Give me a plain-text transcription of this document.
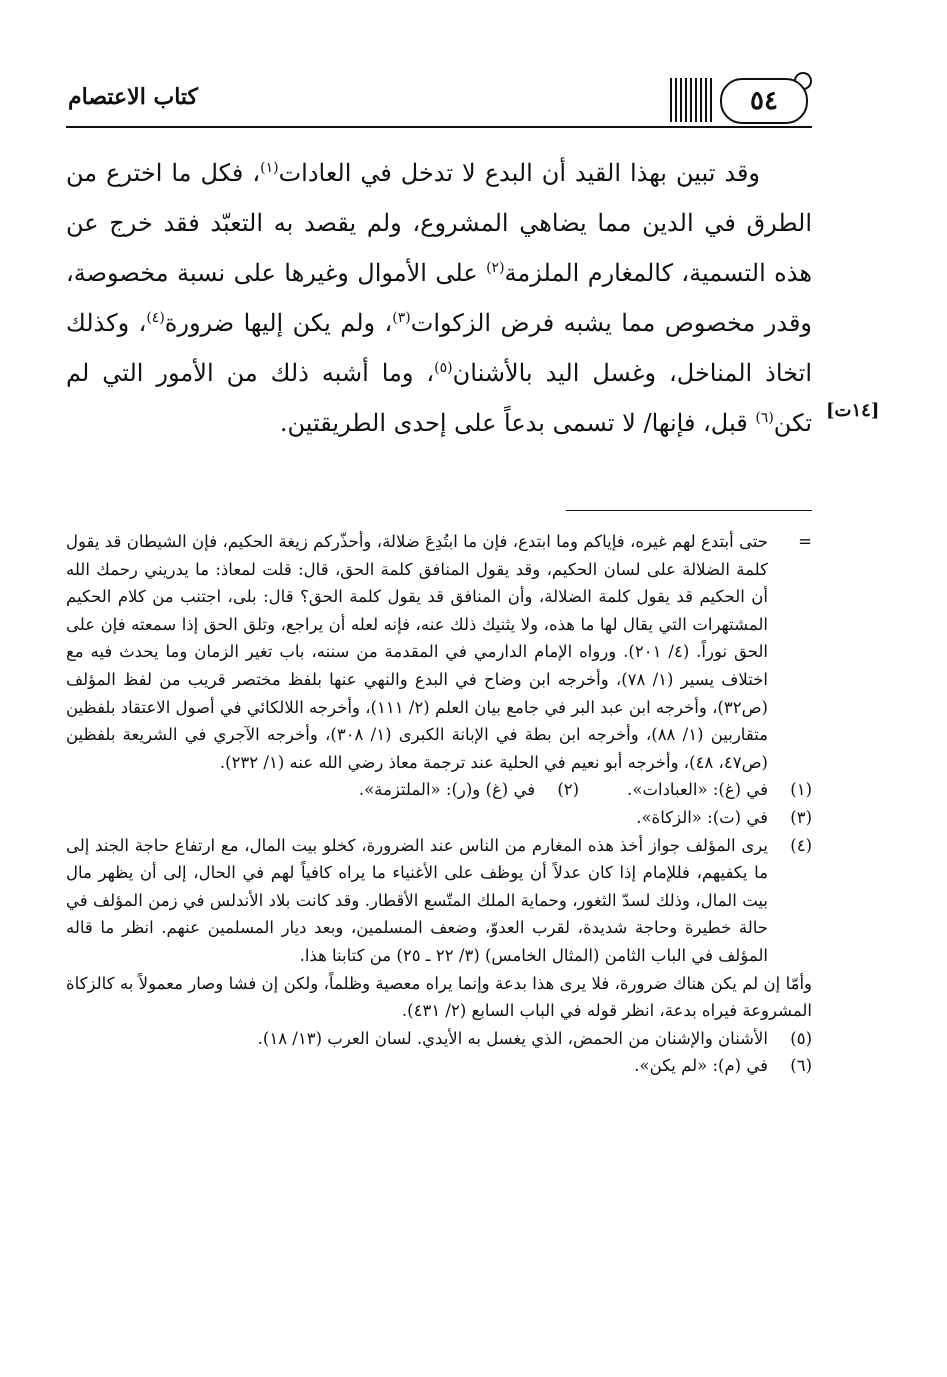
كتاب الاعتصام	٥٤
[١٤ت]

وقد تبين بهذا القيد أن البدع لا تدخل في العادات$^{(١)}$، فكل ما اخترع من الطرق في الدين مما يضاهي المشروع، ولم يقصد به التعبّد فقد خرج عن هذه التسمية، كالمغارم الملزمة$^{(٢)}$ على الأموال وغيرها على نسبة مخصوصة، وقدر مخصوص مما يشبه فرض الزكوات$^{(٣)}$، ولم يكن إليها ضرورة$^{(٤)}$، وكذلك اتخاذ المناخل، وغسل اليد بالأشنان$^{(٥)}$، وما أشبه ذلك من الأمور التي لم تكن$^{(٦)}$ قبل، فإنها/ لا تسمى بدعاً على إحدى الطريقتين.

=
حتى أبتدع لهم غيره، فإياكم وما ابتدع، فإن ما ابتُدِعَ ضلالة، وأحذّركم زيغة الحكيم، فإن الشيطان قد يقول كلمة الضلالة على لسان الحكيم، وقد يقول المنافق كلمة الحق، قال: قلت لمعاذ: ما يدريني رحمك الله أن الحكيم قد يقول كلمة الضلالة، وأن المنافق قد يقول كلمة الحق؟ قال: بلى، اجتنب من كلام الحكيم المشتهرات التي يقال لها ما هذه، ولا يثنيك ذلك عنه، فإنه لعله أن يراجع، وتلق الحق إذا سمعته فإن على الحق نوراً. (٤/ ٢٠١). ورواه الإمام الدارمي في المقدمة من سننه، باب تغير الزمان وما يحدث فيه مع اختلاف يسير (١/ ٧٨)، وأخرجه ابن وضاح في البدع والنهي عنها بلفظ مختصر قريب من لفظ المؤلف (ص٣٢)، وأخرجه ابن عبد البر في جامع بيان العلم (٢/ ١١١)، وأخرجه اللالكائي في أصول الاعتقاد بلفظين متقاربين (١/ ٨٨)، وأخرجه ابن بطة في الإبانة الكبرى (١/ ٣٠٨)، وأخرجه الآجري في الشريعة بلفظين (ص٤٧، ٤٨)، وأخرجه أبو نعيم في الحلية عند ترجمة معاذ رضي الله عنه (١/ ٢٣٢).

(١)
في (غ): «العبادات».

(٢)
في (غ) و(ر): «الملتزمة».

(٣)
في (ت): «الزكاة».

(٤)
يرى المؤلف جواز أخذ هذه المغارم من الناس عند الضرورة، كخلو بيت المال، مع ارتفاع حاجة الجند إلى ما يكفيهم، فللإمام إذا كان عدلاً أن يوظف على الأغنياء ما يراه كافياً لهم في الحال، إلى أن يظهر مال بيت المال، وذلك لسدّ الثغور، وحماية الملك المتّسع الأقطار. وقد كانت بلاد الأندلس في زمن المؤلف في حالة خطيرة وحاجة شديدة، لقرب العدوّ، وضعف المسلمين، وبعد ديار المسلمين عنهم. انظر ما قاله المؤلف في الباب الثامن (المثال الخامس) (٣/ ٢٢ ـ ٢٥) من كتابنا هذا.

وأمّا إن لم يكن هناك ضرورة، فلا يرى هذا بدعة وإنما يراه معصية وظلماً، ولكن إن فشا وصار معمولاً به كالزكاة المشروعة فيراه بدعة، انظر قوله في الباب السابع (٢/ ٤٣١).

(٥)
الأشنان والإشنان من الحمض، الذي يغسل به الأيدي. لسان العرب (١٣/ ١٨).

(٦)
في (م): «لم يكن».
